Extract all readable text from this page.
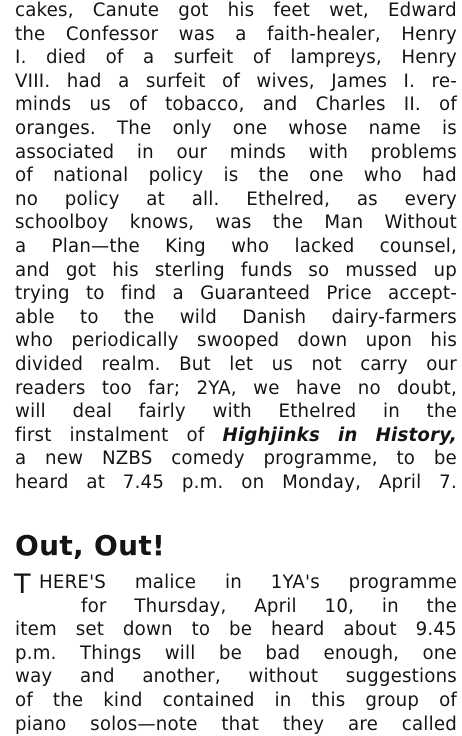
cakes, Canute got his feet wet, Edward
the Confessor was a faith-healer, Henry
I. died of a surfeit of lampreys, Henry
VIII. had a surfeit of wives, James I. re-
minds us of tobacco, and Charles II. of
oranges. The only one whose name is
associated in our minds with problems
of national policy is the one who had
no policy at all. Ethelred, as every
schoolboy knows, was the Man Without
a Plan—the King who lacked counsel,
and got his sterling funds so mussed up
trying to find a Guaranteed Price accept-
able to the wild Danish dairy-farmers
who periodically swooped down upon his
divided realm. But let us not carry our
readers too far; 2YA, we have no doubt,
will deal fairly with Ethelred in the
first instalment of Highjinks in History,
a new NZBS comedy programme, to be
heard at 7.45 p.m. on Monday, April 7.
Out, Out!
T HERE'S malice in 1YA's programme
for Thursday, April 10, in the
item set down to be heard about 9.45
p.m. Things will be bad enough, one
way and another, without suggestions
of the kind contained in this group of
piano solos—note that they are called
